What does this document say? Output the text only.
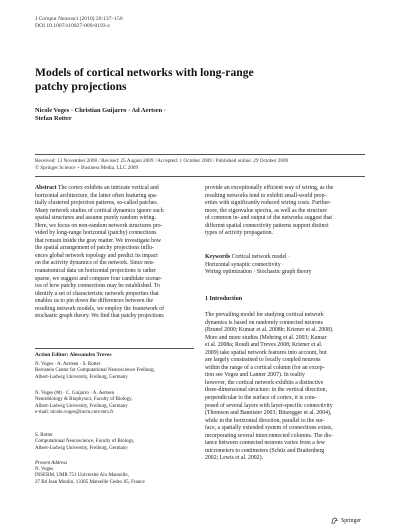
J Comput Neurosci (2010) 28:137–150
DOI 10.1007/s10827-009-0193-z
Models of cortical networks with long-range
patchy projections
Nicole Voges · Christian Guijarro · Ad Aertsen ·
Stefan Rotter
Received: 13 November 2008 / Revised: 25 August 2009 / Accepted: 1 October 2009 / Published online: 29 October 2009
© Springer Science + Business Media, LLC 2009
Abstract The cortex exhibits an intricate vertical and
horizontal architecture, the latter often featuring spa-
tially clustered projection patterns, so-called patches.
Many network studies of cortical dynamics ignore such
spatial structures and assume purely random wiring.
Here, we focus on non-random network structures pro-
vided by long-range horizontal (patchy) connections
that remain inside the gray matter. We investigate how
the spatial arrangement of patchy projections influ-
ences global network topology and predict its impact
on the activity dynamics of the network. Since neu-
roanatomical data on horizontal projections is rather
sparse, we suggest and compare four candidate scenar-
ios of how patchy connections may be established. To
identify a set of characteristic network properties that
enables us to pin down the differences between the
resulting network models, we employ the framework of
stochastic graph theory. We find that patchy projections
provide an exceptionally efficient way of wiring, as the
resulting networks tend to exhibit small-world prop-
erties with significantly reduced wiring costs. Further-
more, the eigenvalue spectra, as well as the structure
of common in- and output of the networks suggest that
different spatial connectivity patterns support distinct
types of activity propagation.
Keywords Cortical network model ·
Horizontal synaptic connectivity ·
Wiring optimization · Stochastic graph theory
1 Introduction
The prevailing model for studying cortical network
dynamics is based on randomly connected neurons
(Brunel 2000; Kumar et al. 2008b; Kriener et al. 2008).
More and more studies (Mehring et al. 2003; Kumar
et al. 2008a; Roudi and Treves 2008; Kriener et al.
2009) take spatial network features into account, but
are largely constrained to locally coupled neurons
within the range of a cortical column (for an excep-
tion see Voges and Lanner 2007). In reality
however, the cortical network exhibits a distinctive
three-dimensional structure: in the vertical direction,
perpendicular to the surface of cortex, it is com-
posed of several layers with layer-specific connectivity
(Thomson and Bannister 2003; Binzegger et al. 2004),
while in the horizontal direction, parallel to the sur-
face, a spatially extended system of connections exists,
incorporating several interconnected columns. The dis-
tance between connected neurons varies from a few
micrometers to centimeters (Schüz and Braitenberg
2002; Lewis et al. 2002).
Action Editor: Alessandro Treves
N. Voges · A. Aertsen · S. Rotter
Bernstein Center for Computational Neuroscience Freiburg,
Albert-Ludwig University, Freiburg, Germany
N. Voges (✉) · C. Guijarro · A. Aertsen
Neurobiology & Biophysics, Faculty of Biology,
Albert-Ludwig University, Freiburg, Germany
e-mail: nicole.voges@incm.cnrs-mrs.fr
S. Rotter
Computational Neuroscience, Faculty of Biology,
Albert-Ludwig University, Freiburg, Germany
Present Address
N. Voges
INSERM, UMR 751 Université Aix-Marseille,
27 Bd Jean Moulin, 13385 Marseille Cedex 05, France
Springer
